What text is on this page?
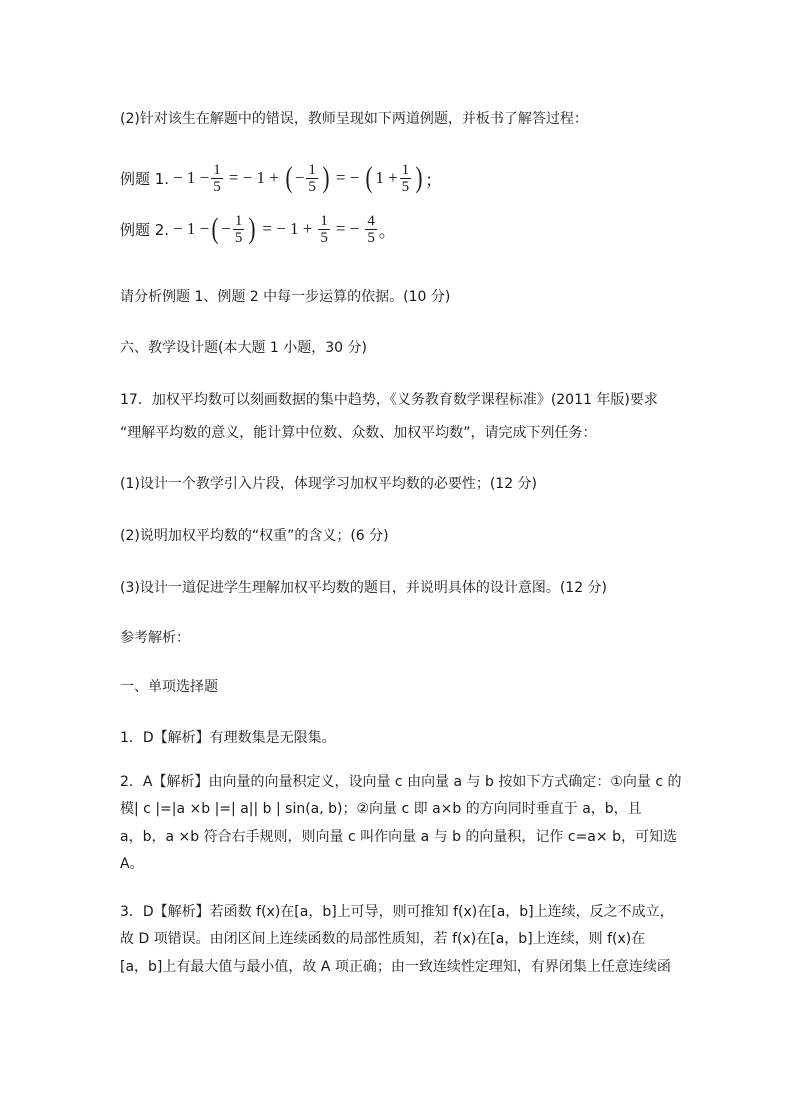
(2)针对该生在解题中的错误，教师呈现如下两道例题，并板书了解答过程：
例题 1. − $1 - \frac{1}{5}$ = − 1 + ( − $\frac{1}{5}$ ) = − ( $1 + \frac{1}{5}$ ) ；
例题 2. − 1 − ( − $\frac{1}{5}$ ) = − $1 + \frac{1}{5}$ = − $\frac{4}{5}$ 。
请分析例题 1、例题 2 中每一步运算的依据。(10 分)
六、教学设计题(本大题 1 小题，30 分)
17．加权平均数可以刻画数据的集中趋势，《义务教育数学课程标准》(2011 年版)要求
“理解平均数的意义，能计算中位数、众数、加权平均数”，请完成下列任务：
(1)设计一个教学引入片段，体现学习加权平均数的必要性；(12 分)
(2)说明加权平均数的“权重”的含义；(6 分)
(3)设计一道促进学生理解加权平均数的题目，并说明具体的设计意图。(12 分)
参考解析：
一、单项选择题
1．D【解析】有理数集是无限集。
2．A【解析】由向量的向量积定义，设向量 c 由向量 a 与 b 按如下方式确定：①向量 c 的
模| c |=|a ×b |=| a|| b | sin(a, b)；②向量 c 即 a×b 的方向同时垂直于 a，b，且
a，b，a ×b 符合右手规则，则向量 c 叫作向量 a 与 b 的向量积，记作 c=a× b，可知选
A。
3．D【解析】若函数 f(x)在[a，b]上可导，则可推知 f(x)在[a，b]上连续，反之不成立，
故 D 项错误。由闭区间上连续函数的局部性质知，若 f(x)在[a，b]上连续，则 f(x)在
[a，b]上有最大值与最小值，故 A 项正确；由一致连续性定理知，有界闭集上任意连续函
